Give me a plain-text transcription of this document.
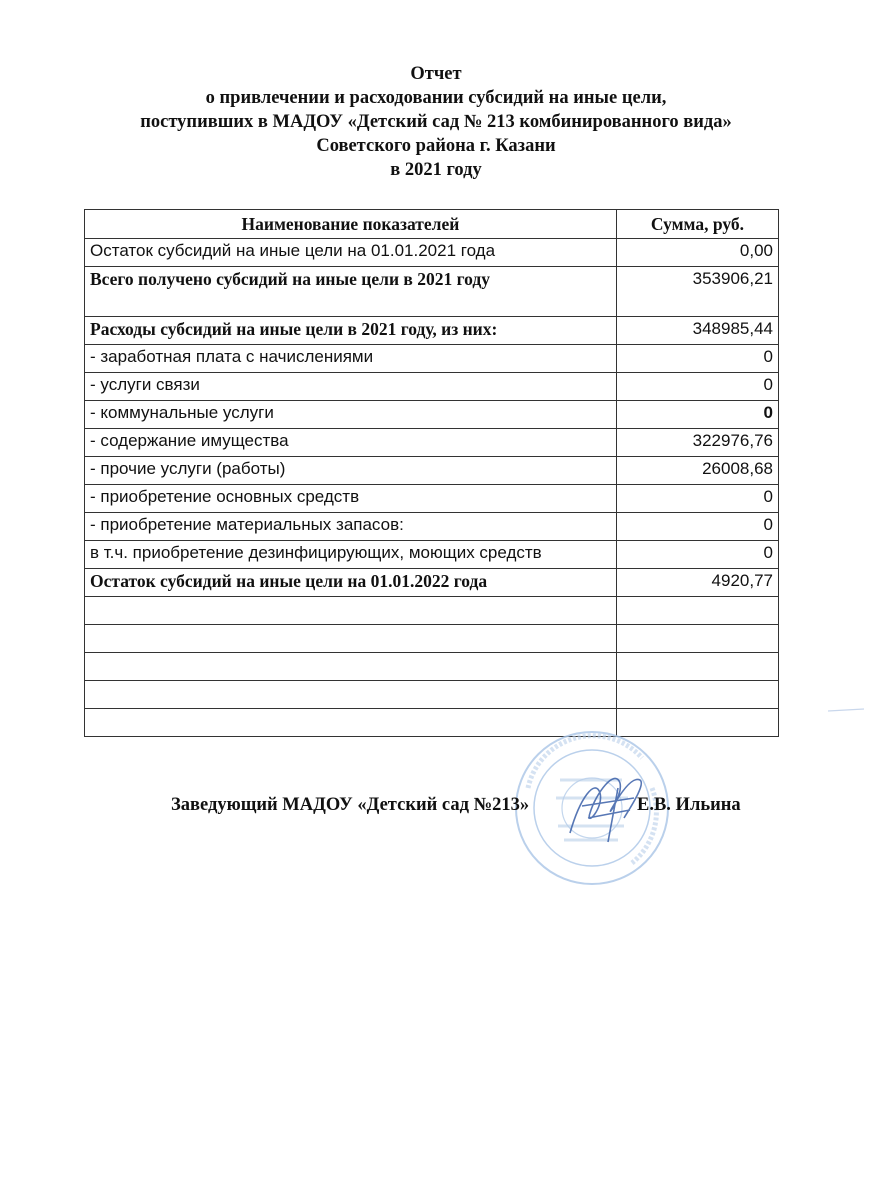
Отчет
о привлечении и расходовании субсидий на иные цели,
поступивших в МАДОУ «Детский сад № 213 комбинированного вида»
Советского района г. Казани
в 2021 году
Наименование показателей	Сумма, руб.
Остаток субсидий на иные цели на 01.01.2021 года	0,00
Всего получено субсидий на иные цели в 2021 году	353906,21
Расходы субсидий на иные цели в 2021 году, из них:	348985,44
- заработная плата с начислениями	0
- услуги связи	0
- коммунальные услуги	0
- содержание имущества	322976,76
- прочие услуги (работы)	26008,68
- приобретение основных средств	0
- приобретение материальных запасов:	0
в т.ч. приобретение дезинфицирующих, моющих средств	0
Остаток субсидий на иные цели на 01.01.2022 года	4920,77

Заведующий МАДОУ «Детский сад №213»	Е.В. Ильина
